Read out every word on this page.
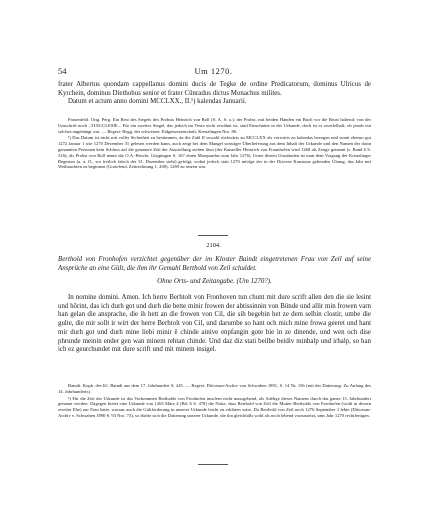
54	Um 1270.

frater Albertus quondam cappellanus domini ducis de Tegke de ordine Predicatorum, dominus Ulricus de Kyrchein, dominus Diethohus senior et frater Cûnradus dictus Monachus milites.

Datum et actum anno domini MCCLXX., II.¹) kalendas Januarii.

Frauenfeld. Orig. Perg. Ein Rest des Siegels des Probsts Heinrich von Boll (S. A. S. a.); der Probst, mit beiden Händen ein Buch vor die Brust haltend; von der Umschrift noch ..TI.ECCLESIE... Für ein zweites Siegel, das jedoch im Texte nicht erwähnt ist, sind Einschnitte in der Urkunde, doch ist es zweifelhaft, ob jenals ein solches angehängt war. — Regest: Regg. der schweizer. Eidgenossenschaft, Kreuzlingen Nro. 86.

¹) Das Datum ist nicht mit voller Sicherheit zu bestimmen, da die Zahl II sowohl rückwärts zu MCCLXX als vorwärts zu kalendas bezogen und somit ebenso gut 1272 Januar 1 wie 1270 Dezember 31 gelesen werden kann, auch zeigt bei dem Mangel sonstiger Überlieferung aus dem Inhalt der Urkunde und den Namen der darin genannten Personen kein Schluss auf die genauere Zeit der Ausstellung ziehen lässt (der Kanzeller Heinrich von Fraunhofen wird 1268 als Zeuge genannt (s. Band 6 S. 316); als Probst von Boll nennt die O.A.-Beschr. Göppingen S. 167 einen Marquardus zum Jahr 1276). Unter diesen Umständen ist man dem Vorgang der Kreuzlinger Regesten (a. a. O., wo freilich falsch der 31. Dezember steht) gefolgt, wobei jedoch statt 1270 infolge der in der Diöcese Konstanz geltenden Übung, das Jahr mit Weihnachten zu beginnen (Grotefend, Zeitrechnung 1, 200), 1269 zu setzen war.

2104.
Berthold von Fronhofen verzichtet gegenüber der im Kloster Baindt eingetretenen Frau von Zeil auf seine Ansprüche an eine Gült, die ihm ihr Gemahl Berthold von Zeil schuldet.
Ohne Orts- und Zeitangabe. (Um 1270?).
In nomine domini. Amen. Ich herre Berhtolt von Fronhoven tun chunt mit dure scrift allen den die sie lesint und hôrint, das ich durh got und durh die bette minir frowen der abtissinnin von Bünde und allir min frowen varn han gelan die ansprache, die ih hett an die frowen von Cil, die sih begebin het ze dem selbin clostir, umbe die gulte, die mir sollt ir wirt der herre Berhtolt von Cil, und darumbe so hant och mich mine frowa geeret und hant mir durh got und durh mine liebi minir ê chinde ainive enpfangin gote bie in ze dinende, und wen och dise phrunde meinin ender gen wan minem rehtan chinde. Und daz diz stati beilbe beidiv minhalp und irhalp, so han ich ez geurchundet mit dure scrift und mit minem insigel.

Baindt. Kopb. des Kl. Baindt aus dem 17. Jahrhundert S. 245. — Regest: Diöcesan-Archiv von Schwaben 1891, S. 14 Nr. 156 (mit der Datierung: Zu Anfang des 14. Jahrhunderts).

¹) Für die Zeit der Urkunde ist das Vorkommen Bertholds von Fronhofen insofern nicht massgebend, als Adelige dieses Namens durch das ganze 13. Jahrhundert genannt werden. Dagegen bietet eine Urkunde von 1263 März 4 (Bd. 6 S. 478) die Notiz, dass Berthold von Zeil die Mutter Bertholds von Fronhofen (wohl in dessen zweiter Ehe) zur Frau hatte, woraus auch die Gültforderung in unserer Urkunde leicht zu erklären wäre. Da Berthold von Zeil noch 1276 September 1 lebte (Diöcesan-Archiv v. Schwaben 1890 S. 93 Nro. 73), so dürfte sich die Datierung unserer Urkunde, die ihn gleichfalls wohl als noch lebend voraussetzt, ums Jahr 1270 rechtfertigen.
